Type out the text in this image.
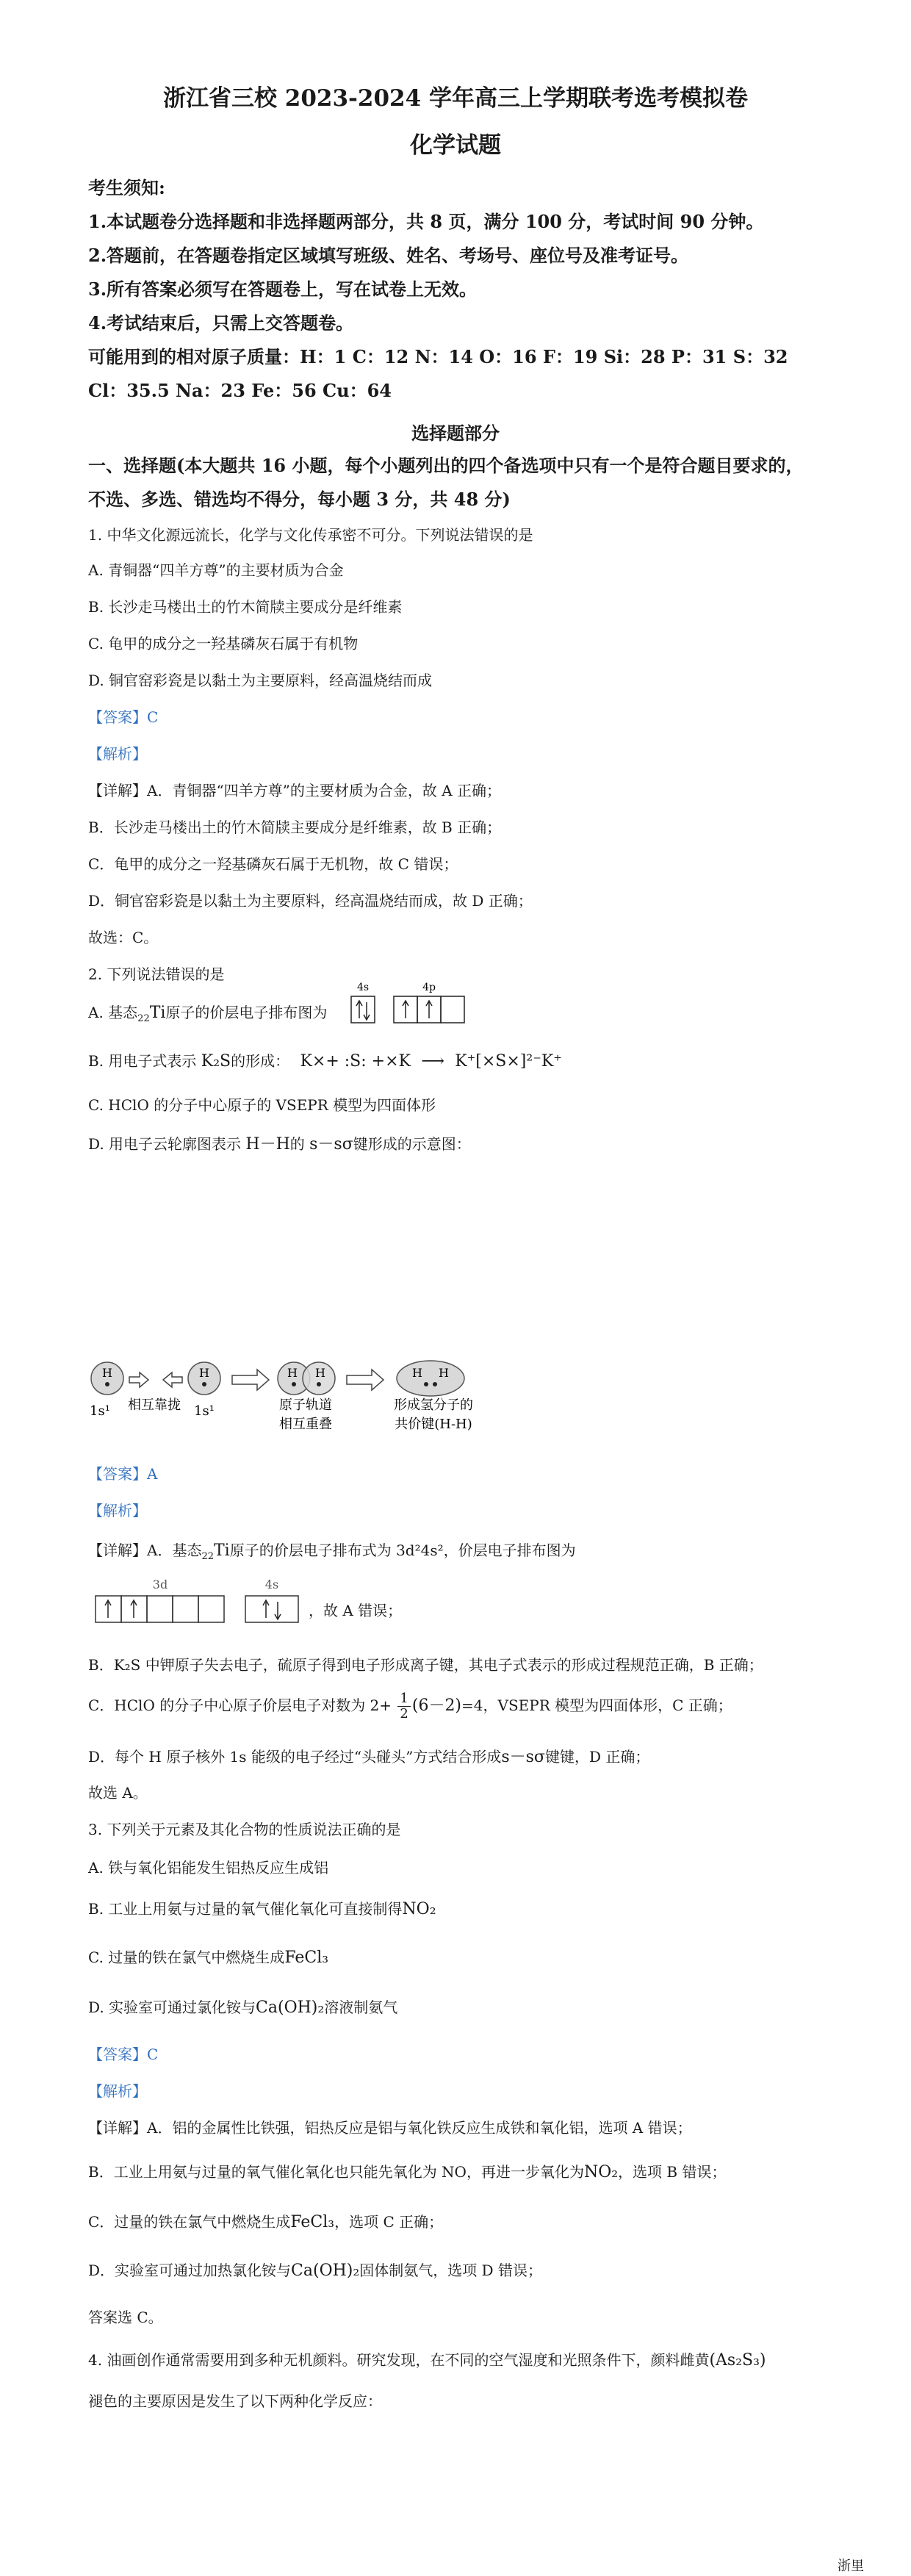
浙江省三校 2023-2024 学年高三上学期联考选考模拟卷
化学试题
考生须知:
1.本试题卷分选择题和非选择题两部分，共 8 页，满分 100 分，考试时间 90 分钟。
2.答题前，在答题卷指定区域填写班级、姓名、考场号、座位号及准考证号。
3.所有答案必须写在答题卷上，写在试卷上无效。
4.考试结束后，只需上交答题卷。
可能用到的相对原子质量：H：1 C：12 N：14 O：16 F：19 Si：28 P：31 S：32
Cl：35.5 Na：23 Fe：56 Cu：64
选择题部分
一、选择题(本大题共 16 小题，每个小题列出的四个备选项中只有一个是符合题目要求的，
不选、多选、错选均不得分，每小题 3 分，共 48 分)
1. 中华文化源远流长，化学与文化传承密不可分。下列说法错误的是
A. 青铜器“四羊方尊”的主要材质为合金
B. 长沙走马楼出土的竹木简牍主要成分是纤维素
C. 龟甲的成分之一羟基磷灰石属于有机物
D. 铜官窑彩瓷是以黏土为主要原料，经高温烧结而成
【答案】C
【解析】
【详解】A．青铜器“四羊方尊”的主要材质为合金，故 A 正确；
B．长沙走马楼出土的竹木简牍主要成分是纤维素，故 B 正确；
C．龟甲的成分之一羟基磷灰石属于无机物，故 C 错误；
D．铜官窑彩瓷是以黏土为主要原料，经高温烧结而成，故 D 正确；
故选：C。
2. 下列说法错误的是
A. 基态$_{22}$Ti原子的价层电子排布图为
4s	4p
B. 用电子式表示 K₂S的形成： K×+ :S: +×K ⟶ K⁺[×S×]²⁻K⁺
C. HClO 的分子中心原子的 VSEPR 模型为四面体形
D. 用电子云轮廓图表示 H－H的 s－sσ键形成的示意图：
H	H	H H	H H
1s¹ 相互靠拢 1s¹	原子轨道
相互重叠
形成氢分子的
共价键(H-H)
【答案】A
【解析】
【详解】A．基态$_{22}$Ti原子的价层电子排布式为 3d²4s²，价层电子排布图为
3d	4s
，故 A 错误；
B．K₂S 中钾原子失去电子，硫原子得到电子形成离子键，其电子式表示的形成过程规范正确，B 正确；
C．HClO 的分子中心原子价层电子对数为 $2+ \frac{1}{2} (6-2)=4$，VSEPR 模型为四面体形，C 正确；
D．每个 H 原子核外 1s 能级的电子经过“头碰头”方式结合形成s－sσ键键，D 正确；
故选 A。
3. 下列关于元素及其化合物的性质说法正确的是
A. 铁与氧化铝能发生铝热反应生成铝
B. 工业上用氨与过量的氧气催化氧化可直接制得NO₂
C. 过量的铁在氯气中燃烧生成FeCl₃
D. 实验室可通过氯化铵与Ca(OH)₂溶液制氨气
【答案】C
【解析】
【详解】A．铝的金属性比铁强，铝热反应是铝与氧化铁反应生成铁和氧化铝，选项 A 错误；
B．工业上用氨与过量的氧气催化氧化也只能先氧化为 NO，再进一步氧化为NO₂，选项 B 错误；
C．过量的铁在氯气中燃烧生成FeCl₃，选项 C 正确；
D．实验室可通过加热氯化铵与Ca(OH)₂固体制氨气，选项 D 错误；
答案选 C。
4. 油画创作通常需要用到多种无机颜料。研究发现，在不同的空气湿度和光照条件下，颜料雌黄(As₂S₃)
褪色的主要原因是发生了以下两种化学反应：
浙里
